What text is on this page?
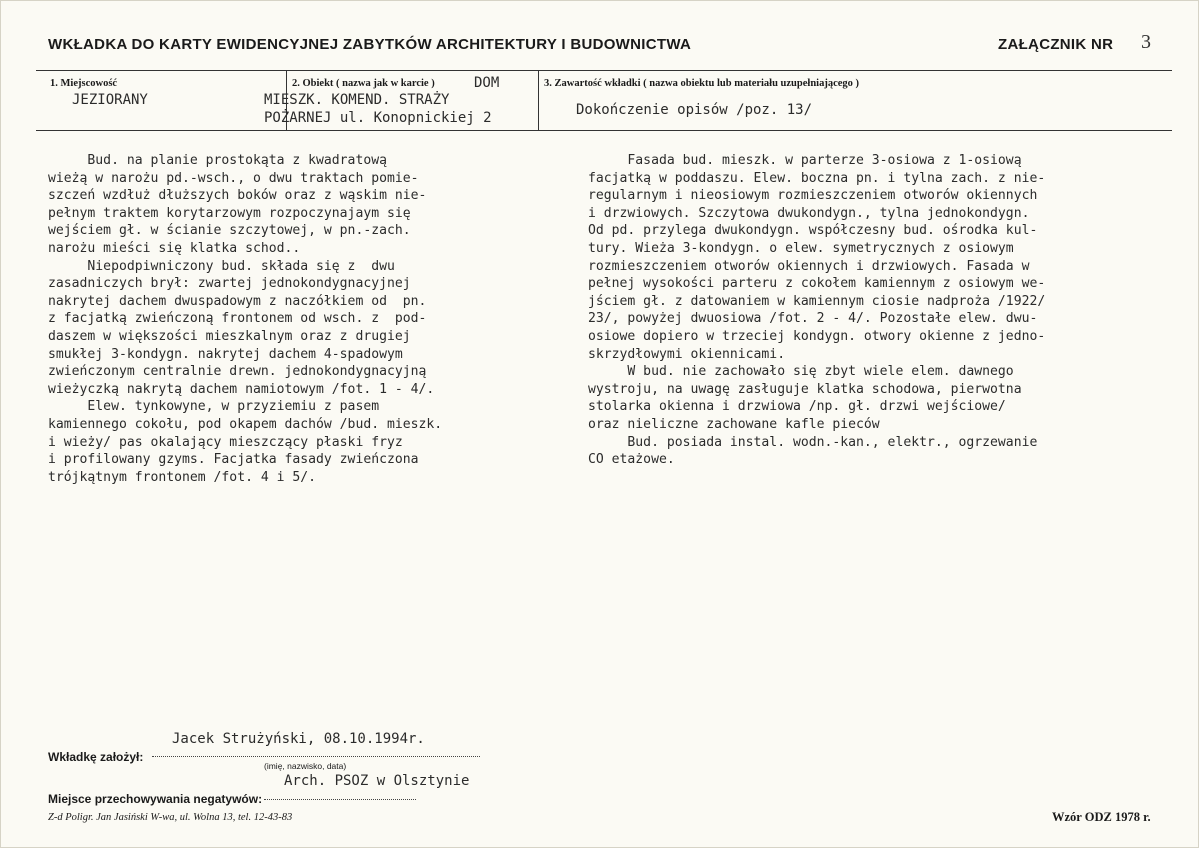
WKŁADKA DO KARTY EWIDENCYJNEJ ZABYTKÓW ARCHITEKTURY I BUDOWNICTWA	ZAŁĄCZNIK NR 3
1. Miejscowość
JEZIORANY
2. Obiekt ( nazwa jak w karcie )	DOM
MIESZK. KOMEND. STRAŻY
POŻARNEJ ul. Konopnickiej 2
3. Zawartość wkładki ( nazwa obiektu lub materiału uzupełniającego )
Dokończenie opisów /poz. 13/
Bud. na planie prostokąta z kwadratową
wieżą w narożu pd.-wsch., o dwu traktach pomie-
szczeń wzdłuż dłuższych boków oraz z wąskim nie-
pełnym traktem korytarzowym rozpoczynajaym się
wejściem gł. w ścianie szczytowej, w pn.-zach.
narożu mieści się klatka schod..
Niepodpiwniczony bud. składa się z  dwu
zasadniczych brył: zwartej jednokondygnacyjnej
nakrytej dachem dwuspadowym z naczółkiem od  pn.
z facjatką zwieńczoną frontonem od wsch. z  pod-
daszem w większości mieszkalnym oraz z drugiej
smukłej 3-kondygn. nakrytej dachem 4-spadowym
zwieńczonym centralnie drewn. jednokondygnacyjną
wieżyczką nakrytą dachem namiotowym /fot. 1 - 4/.
Elew. tynkowyne, w przyziemiu z pasem
kamiennego cokołu, pod okapem dachów /bud. mieszk.
i wieży/ pas okalający mieszczący płaski fryz
i profilowany gzyms. Facjatka fasady zwieńczona
trójkątnym frontonem /fot. 4 i 5/.
Fasada bud. mieszk. w parterze 3-osiowa z 1-osiową
facjatką w poddaszu. Elew. boczna pn. i tylna zach. z nie-
regularnym i nieosiowym rozmieszczeniem otworów okiennych
i drzwiowych. Szczytowa dwukondygn., tylna jednokondygn.
Od pd. przylega dwukondygn. współczesny bud. ośrodka kul-
tury. Wieża 3-kondygn. o elew. symetrycznych z osiowym
rozmieszczeniem otworów okiennych i drzwiowych. Fasada w
pełnej wysokości parteru z cokołem kamiennym z osiowym we-
jściem gł. z datowaniem w kamiennym ciosie nadproża /1922/
23/, powyżej dwuosiowa /fot. 2 - 4/. Pozostałe elew. dwu-
osiowe dopiero w trzeciej kondygn. otwory okienne z jedno-
skrzydłowymi okiennicami.
W bud. nie zachowało się zbyt wiele elem. dawnego
wystroju, na uwagę zasługuje klatka schodowa, pierwotna
stolarka okienna i drzwiowa /np. gł. drzwi wejściowe/
oraz nieliczne zachowane kafle pieców
Bud. posiada instal. wodn.-kan., elektr., ogrzewanie
CO etażowe.
Jacek Strużyński, 08.10.1994r.
Wkładkę założył:
(imię, nazwisko, data)
Arch. PSOZ w Olsztynie
Miejsce przechowywania negatywów:
Z-d Poligr. Jan Jasiński W-wa, ul. Wolna 13, tel. 12-43-83	Wzór ODZ 1978 r.
